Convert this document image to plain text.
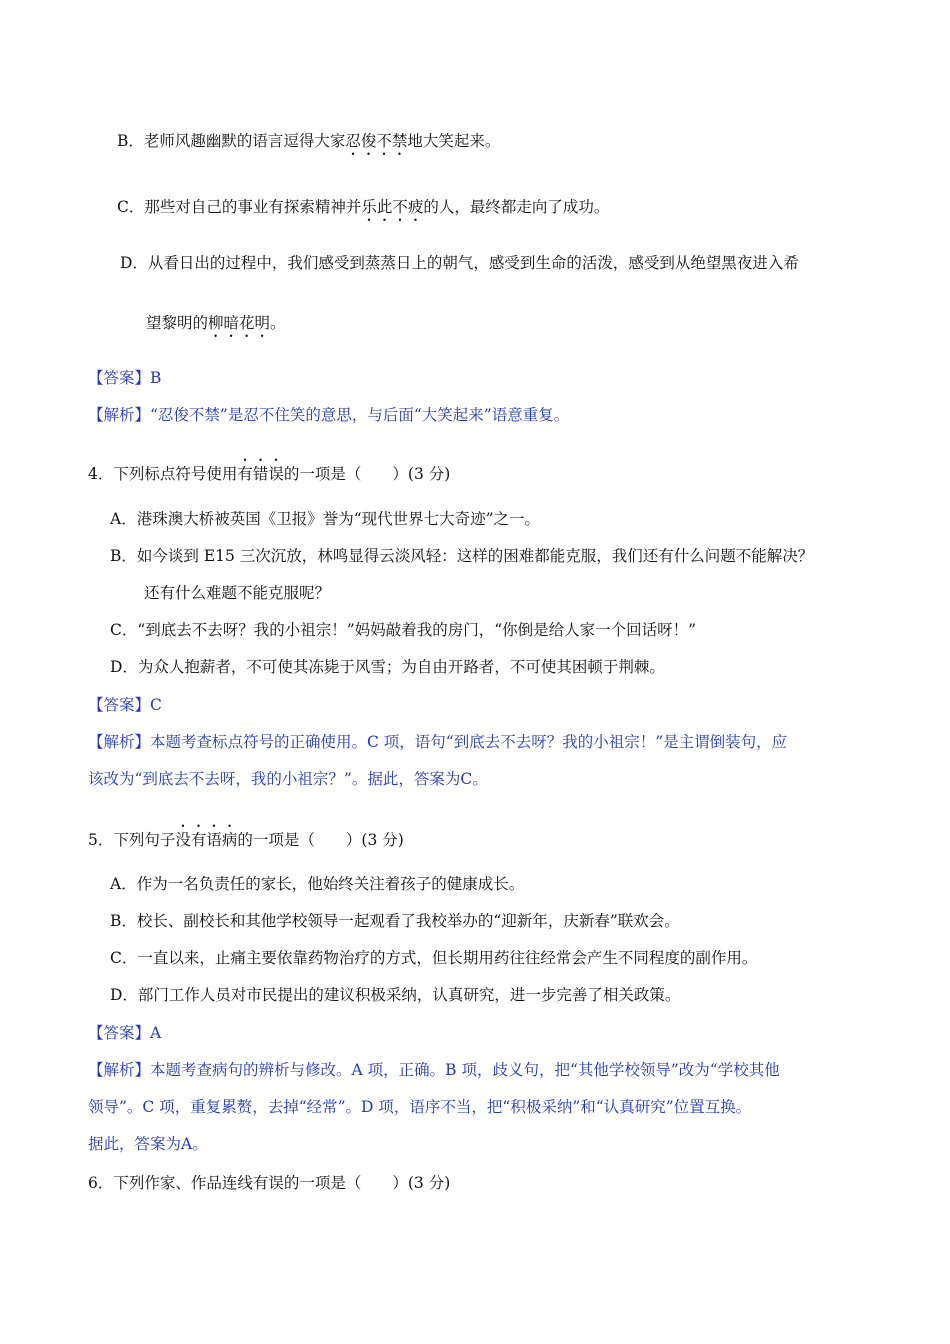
B．老师风趣幽默的语言逗得大家忍俊不禁地大笑起来。
C．那些对自己的事业有探索精神并乐此不疲的人，最终都走向了成功。
D．从看日出的过程中，我们感受到蒸蒸日上的朝气，感受到生命的活泼，感受到从绝望黑夜进入希
望黎明的柳暗花明。
【答案】B
【解析】“忍俊不禁”是忍不住笑的意思，与后面“大笑起来”语意重复。
4．下列标点符号使用有错误的一项是（　　）(3 分)
A．港珠澳大桥被英国《卫报》誉为“现代世界七大奇迹”之一。
B．如今谈到 E15 三次沉放，林鸣显得云淡风轻：这样的困难都能克服，我们还有什么问题不能解决？
还有什么难题不能克服呢？
C．“到底去不去呀？我的小祖宗！”妈妈敲着我的房门，“你倒是给人家一个回话呀！”
D．为众人抱薪者，不可使其冻毙于风雪；为自由开路者，不可使其困顿于荆棘。
【答案】C
【解析】本题考查标点符号的正确使用。C 项，语句“到底去不去呀？我的小祖宗！”是主谓倒装句，应
该改为“到底去不去呀，我的小祖宗？”。据此，答案为C。
5．下列句子没有语病的一项是（　　）(3 分)
A．作为一名负责任的家长，他始终关注着孩子的健康成长。
B．校长、副校长和其他学校领导一起观看了我校举办的“迎新年，庆新春”联欢会。
C．一直以来，止痛主要依靠药物治疗的方式，但长期用药往往经常会产生不同程度的副作用。
D．部门工作人员对市民提出的建议积极采纳，认真研究，进一步完善了相关政策。
【答案】A
【解析】本题考查病句的辨析与修改。A 项，正确。B 项，歧义句，把“其他学校领导”改为“学校其他
领导”。C 项，重复累赘，去掉“经常”。D 项，语序不当，把“积极采纳”和“认真研究”位置互换。
据此，答案为A。
6．下列作家、作品连线有误的一项是（　　）(3 分)
